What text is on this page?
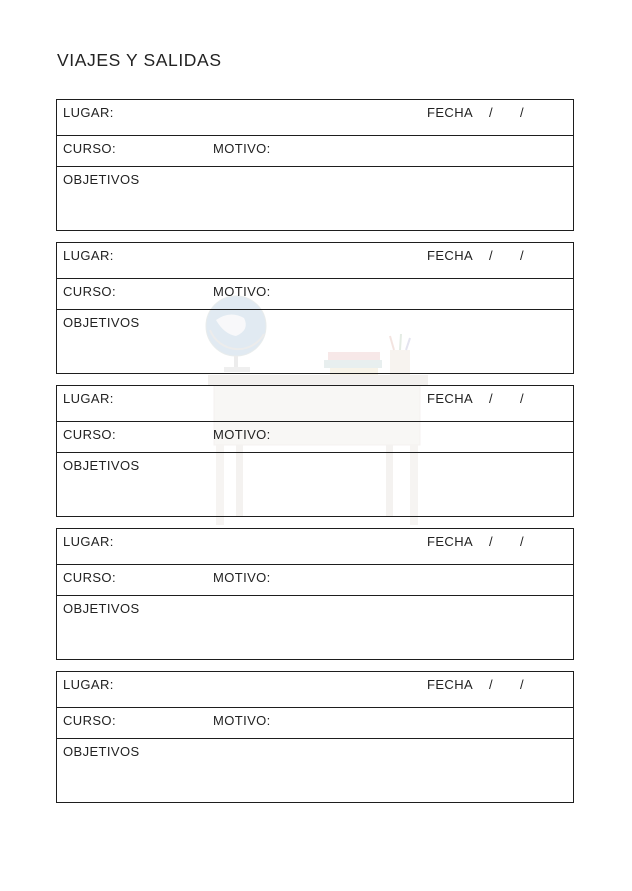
VIAJES Y SALIDAS
LUGAR:	FECHA / /
CURSO:	MOTIVO:
OBJETIVOS
LUGAR:	FECHA / /
CURSO:	MOTIVO:
OBJETIVOS
LUGAR:	FECHA / /
CURSO:	MOTIVO:
OBJETIVOS
LUGAR:	FECHA / /
CURSO:	MOTIVO:
OBJETIVOS
LUGAR:	FECHA / /
CURSO:	MOTIVO:
OBJETIVOS
